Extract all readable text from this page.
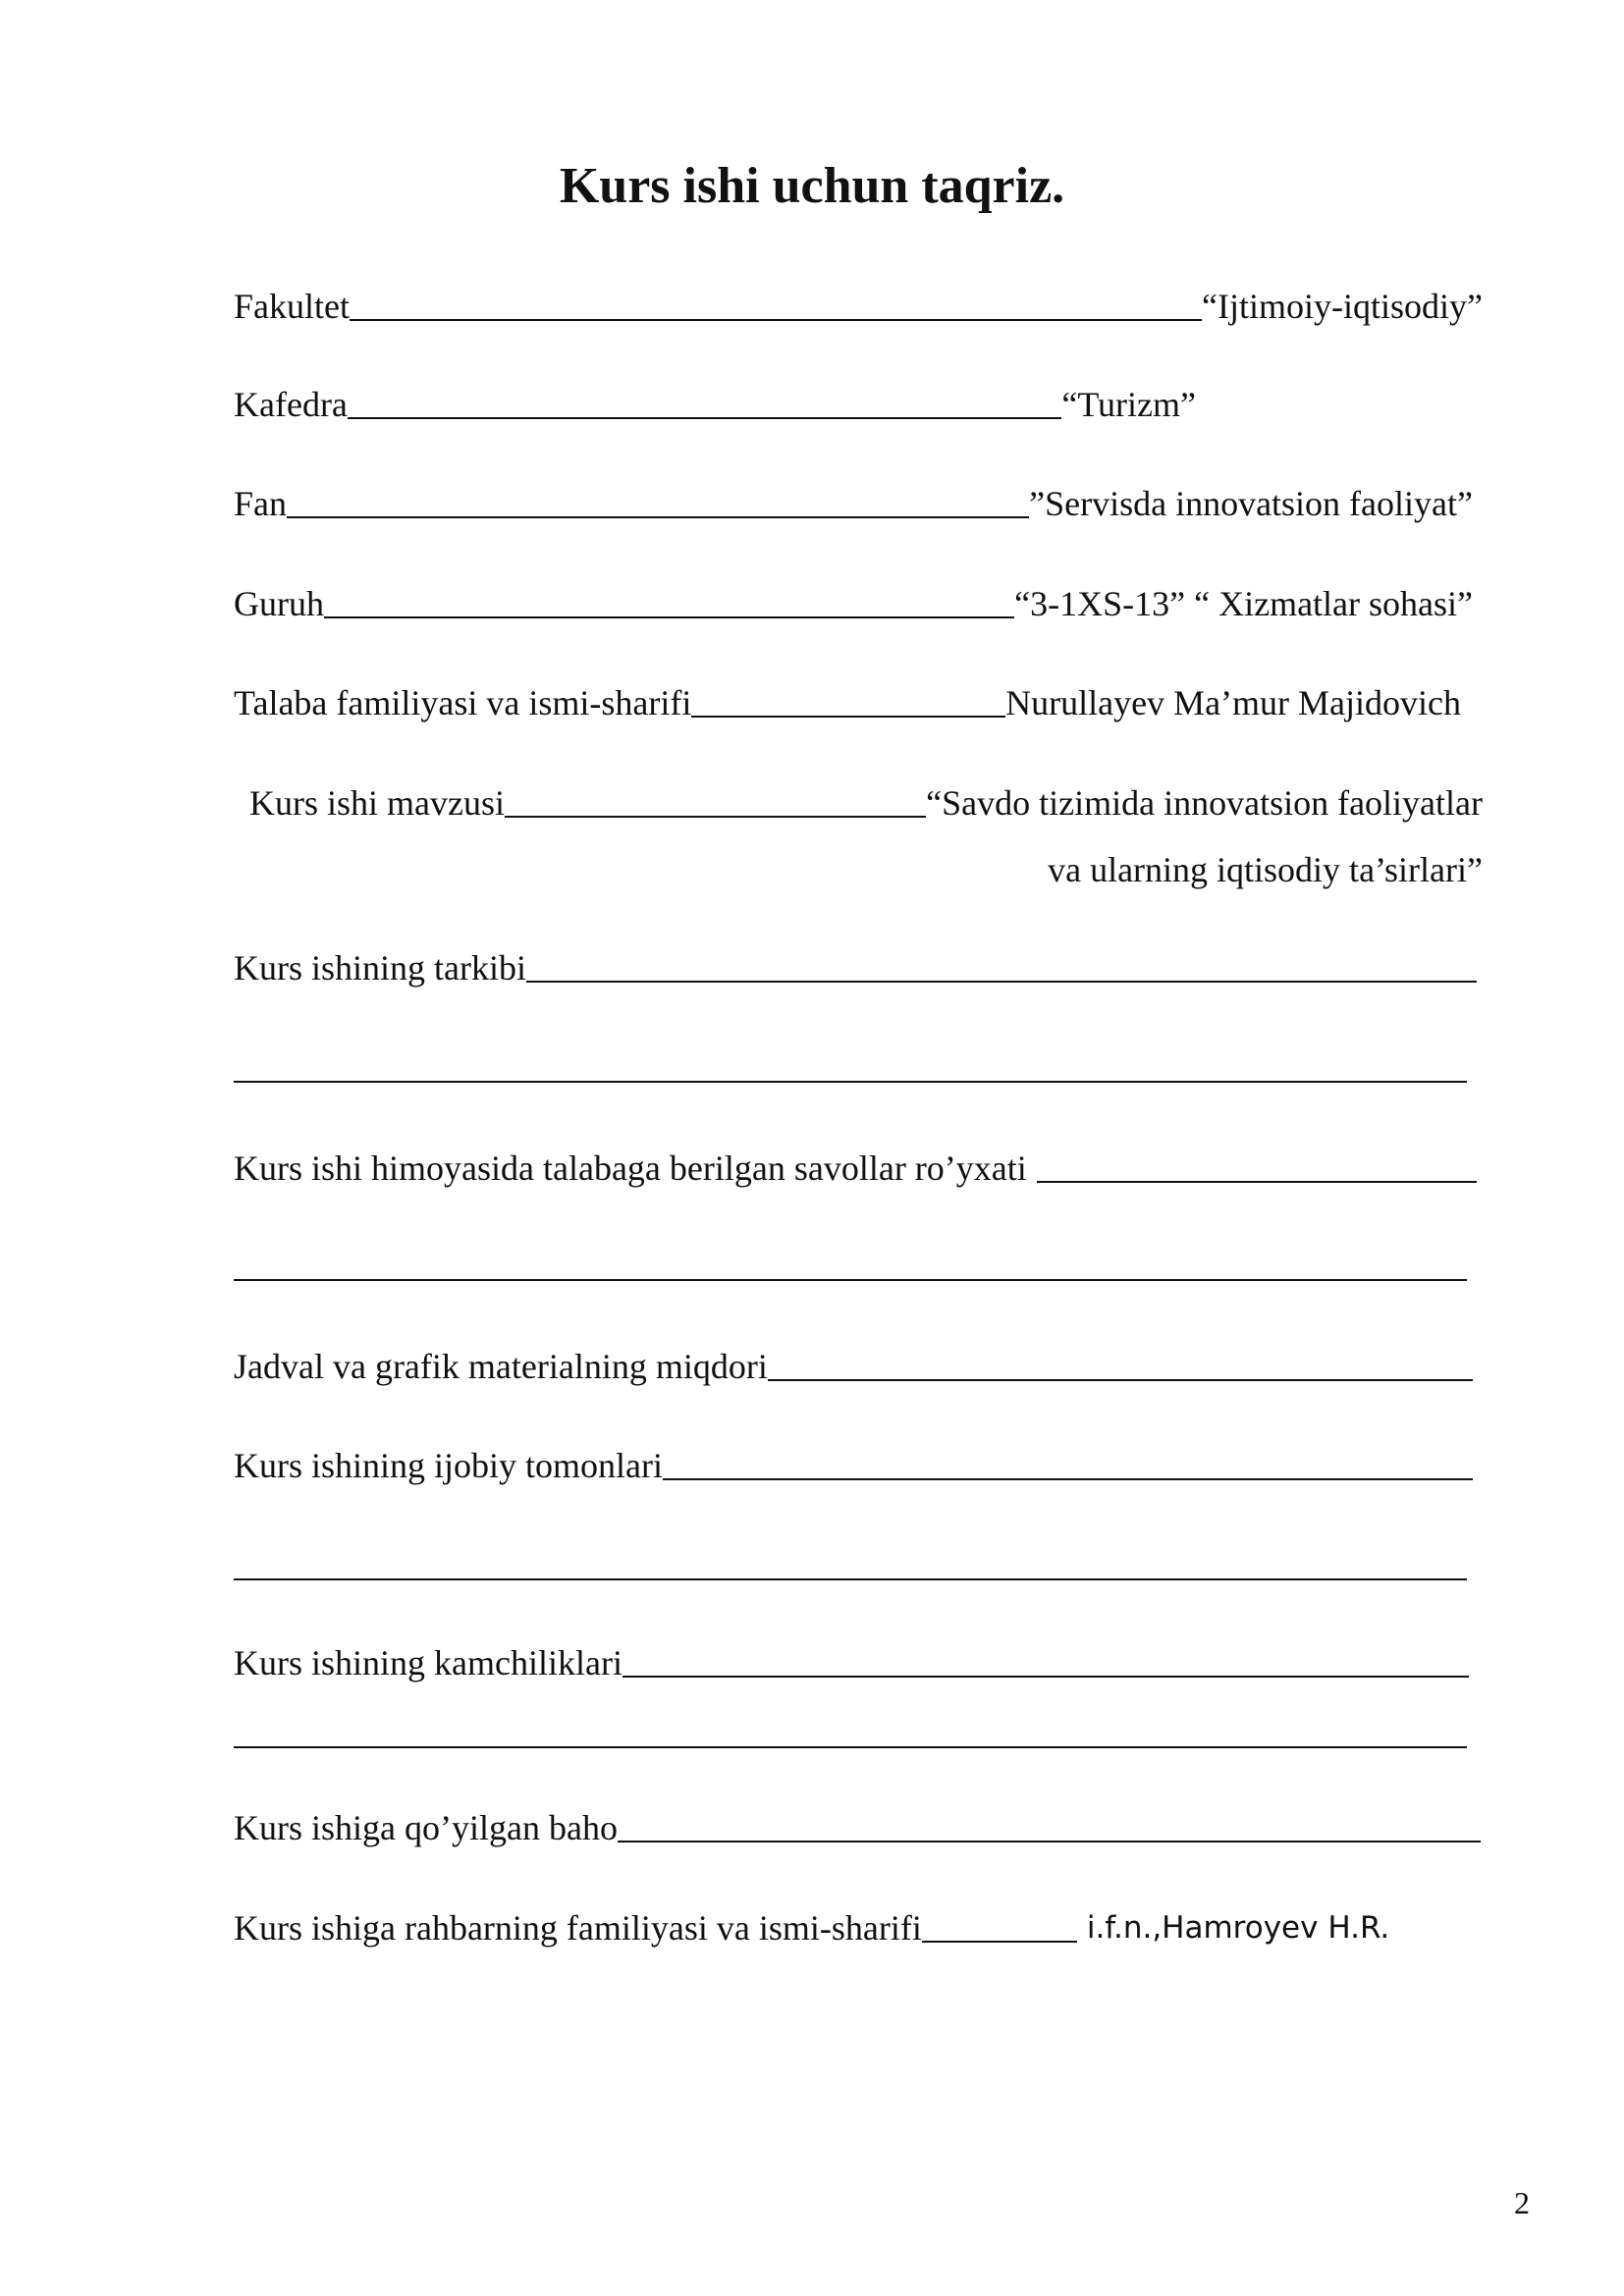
Kurs ishi uchun taqriz.
Fakultet	“Ijtimoiy-iqtisodiy”
Kafedra	“Turizm”
Fan	”Servisda innovatsion faoliyat”
Guruh	“3-1XS-13” “ Xizmatlar sohasi”
Talaba familiyasi va ismi-sharifi	Nurullayev Ma’mur Majidovich
Kurs ishi mavzusi	“Savdo tizimida innovatsion faoliyatlar
va ularning iqtisodiy ta’sirlari”
Kurs ishining tarkibi
Kurs ishi himoyasida talabaga berilgan savollar ro’yxati
Jadval va grafik materialning miqdori
Kurs ishining ijobiy tomonlari
Kurs ishining kamchiliklari
Kurs ishiga qo’yilgan baho
Kurs ishiga rahbarning familiyasi va ismi-sharifi	i.f.n.,Hamroyev H.R.
2
